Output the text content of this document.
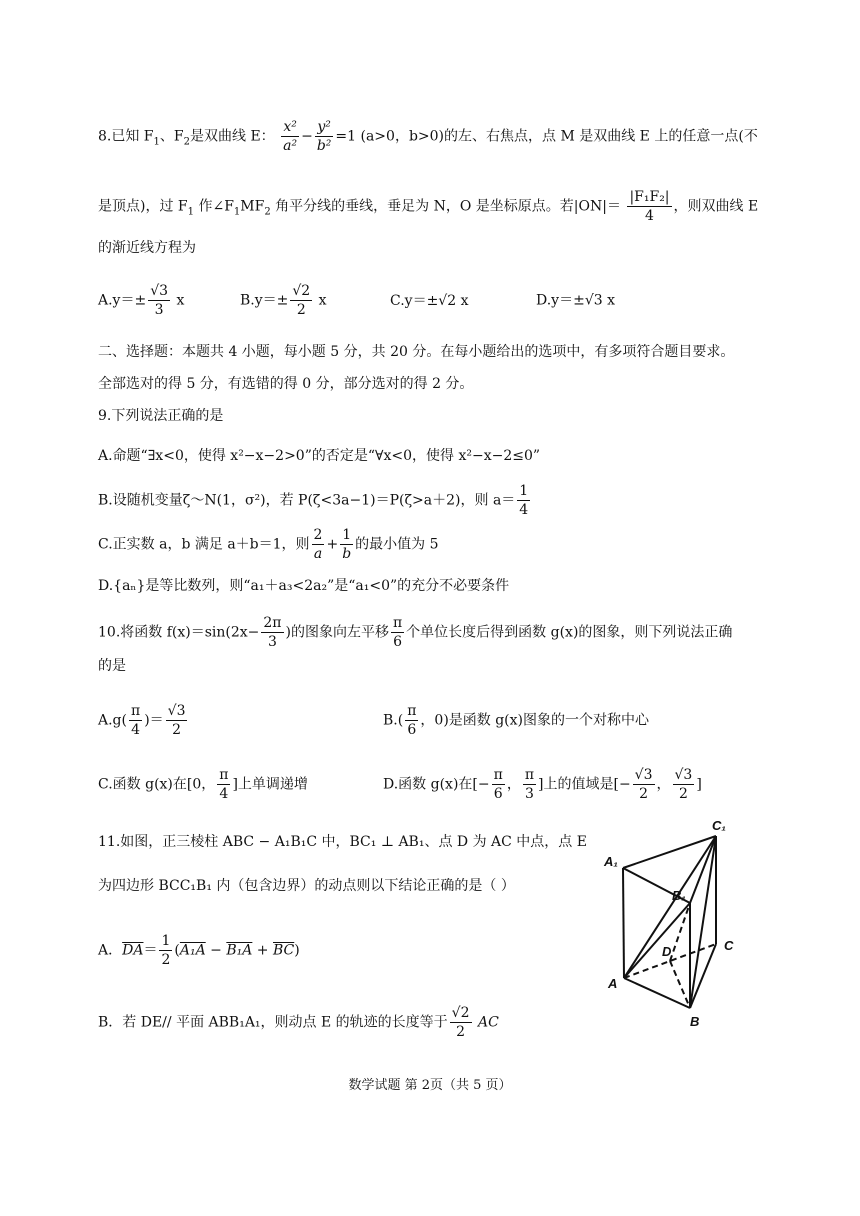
8.已知 $F_1$、$F_2$是双曲线 E： $\frac{\text{x²}}{\text{a²}} - \frac{\text{y²}}{\text{b²}} =1$ (a>0，b>0)的左、右焦点，点 M 是双曲线 E 上的任意一点(不
是顶点)，过 $F_1$ 作$\angle F_1MF_2$ 角平分线的垂线，垂足为 N，O 是坐标原点。若$|ON|= \frac{\text{|F₁F₂|}}{4}$ ，则双曲线 E
的渐近线方程为
$A.y=\pm \frac{√3}{3}$ x	$B.y=\pm \frac{√2}{2}$ x	C.y＝±√2 x	D.y＝±√3 x
二、选择题：本题共 4 小题，每小题 5 分，共 20 分。在每小题给出的选项中，有多项符合题目要求。
全部选对的得 5 分，有选错的得 0 分，部分选对的得 2 分。
9.下列说法正确的是
A.命题“∃x<0，使得 x²−x−2>0”的否定是“∀x<0，使得 x²−x−2≤0”
B.设随机变量ζ～N(1，σ²)，若 P(ζ<3a−1)＝P(ζ>a＋2)，则 $a= \frac{1}{4}$
C.正实数 a，b 满足 a＋b＝1，则 $\frac{2}{a} + \frac{1}{b}$ 的最小值为 5
D.{aₙ}是等比数列，则“a₁＋a₃<2a₂”是“a₁<0”的充分不必要条件
10.将函数 $f(x)=\sin(2x- \frac{2\pi}{3}$ )的图象向左平移 $\frac{\pi}{6}$ 个单位长度后得到函数 g(x)的图象，则下列说法正确
的是
$A.g( \frac{\pi}{4}$ )＝ $\frac{√3}{2}$	$B.( \frac{\pi}{6}$ ，0)是函数 g(x)图象的一个对称中心
C.函数 g(x)在[0， $\frac{\pi}{4}$ ]上单调递增	D.函数 g(x)在[− $\frac{\pi}{6}$ ， $\frac{\pi}{3}$ ]上的值域是[− $\frac{√3}{2}$ ， $\frac{√3}{2}$ ]
11.如图，正三棱柱 ABC − A₁B₁C 中，BC₁ ⊥ AB₁、点 D 为 AC 中点，点 E
为四边形 BCC₁B₁ 内（包含边界）的动点则以下结论正确的是（ ）
A．$\overline{DA}= \frac{1}{2} (A_1A - B_1A + \overline{BC})$
B．若 DE// 平面 ABB₁A₁，则动点 E 的轨迹的长度等于 $\frac{√2}{2}$ AC
C₁
A₁
B₁
D	C
A
B
数学试题 第 2页（共 5 页）
